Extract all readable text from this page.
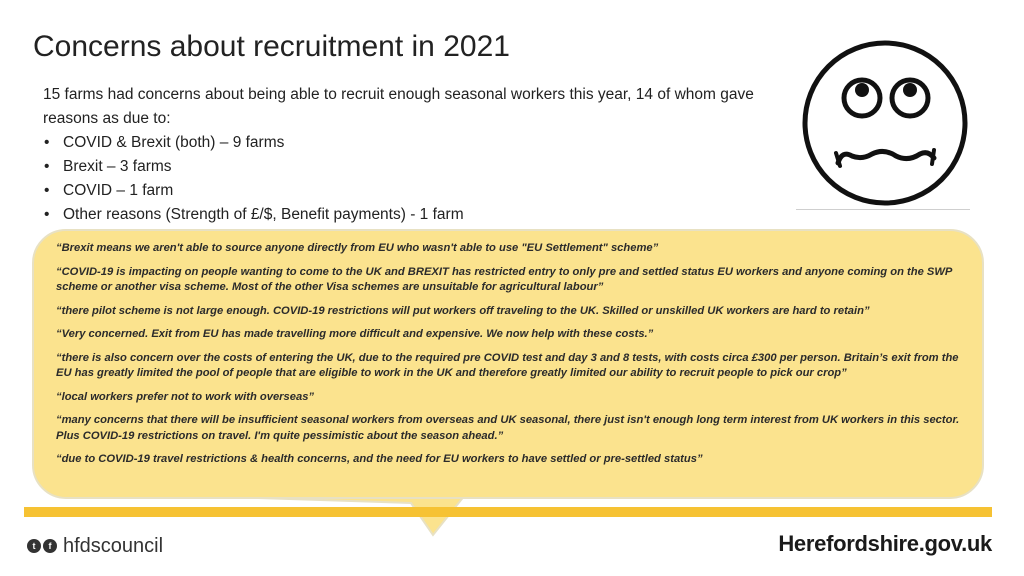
Concerns about recruitment in 2021
15 farms had concerns about being able to recruit enough seasonal workers this year, 14 of whom gave
reasons as due to:
• COVID & Brexit (both) – 9 farms
• Brexit – 3 farms
• COVID – 1 farm
• Other reasons (Strength of £/$, Benefit payments) - 1 farm

“Brexit means we aren't able to source anyone directly from EU who wasn't able to use "EU Settlement" scheme”

“COVID-19 is impacting on people wanting to come to the UK and BREXIT has restricted entry to only pre and settled status EU workers and anyone coming on the SWP scheme or another visa scheme. Most of the other Visa schemes are unsuitable for agricultural labour”

“there pilot scheme is not large enough. COVID-19 restrictions will put workers off traveling to the UK. Skilled or unskilled UK workers are hard to retain”

“Very concerned. Exit from EU has made travelling more difficult and expensive. We now help with these costs.”

“there is also concern over the costs of entering the UK, due to the required pre COVID test and day 3 and 8 tests, with costs circa £300 per person. Britain’s exit from the EU has greatly limited the pool of people that are eligible to work in the UK and therefore greatly limited our ability to recruit people to pick our crop”

“local workers prefer not to work with overseas”

“many concerns that there will be insufficient seasonal workers from overseas and UK seasonal, there just isn't enough long term interest from UK workers in this sector. Plus COVID-19 restrictions on travel. I'm quite pessimistic about the season ahead.”

“due to COVID-19 travel restrictions & health concerns, and the need for EU workers to have settled or pre-settled status”

t	f hfdscouncil	Herefordshire.gov.uk
